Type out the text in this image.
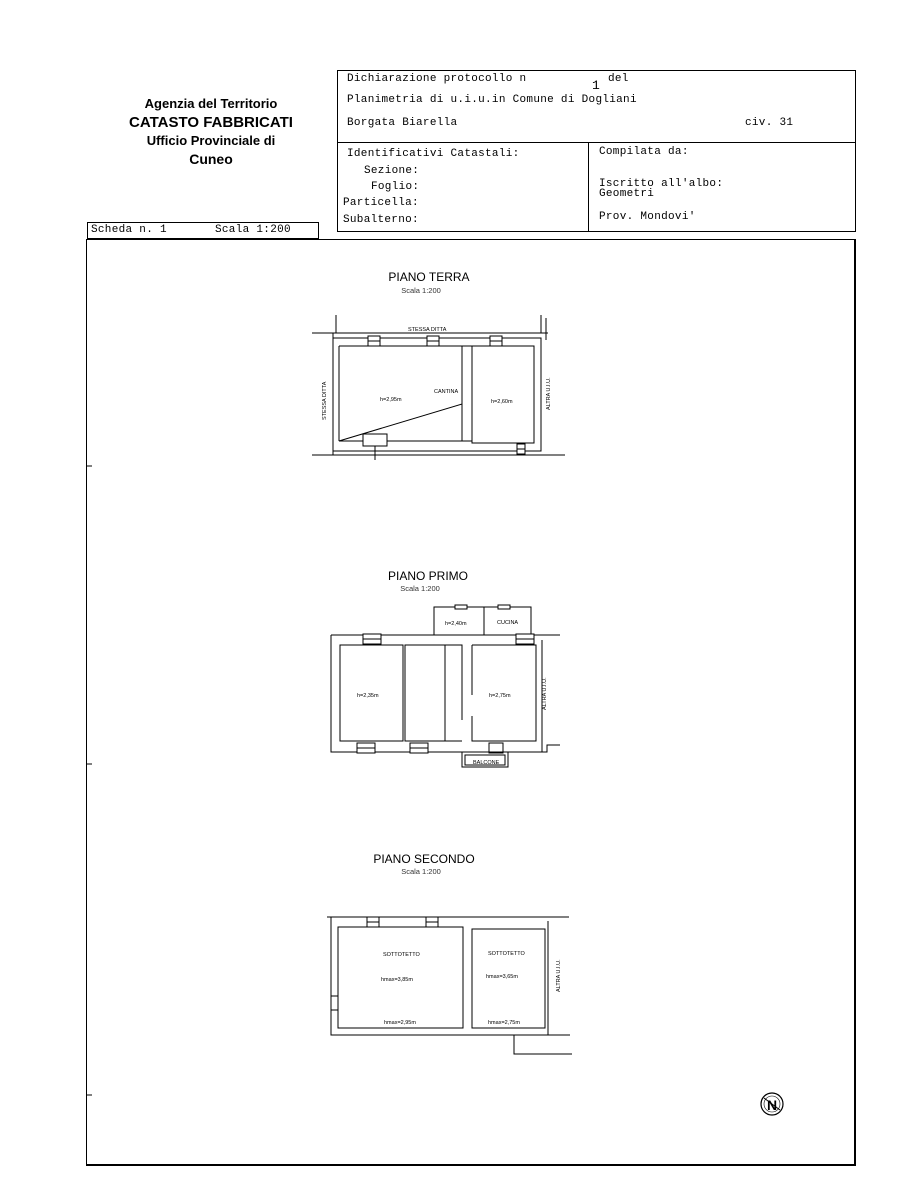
Agenzia del Territorio
CATASTO FABBRICATI
Ufficio Provinciale di
Cuneo
Dichiarazione protocollo n	1 del
Planimetria di u.i.u.in Comune di Dogliani
Borgata Biarella	civ. 31
Identificativi Catastali:
Sezione:
Foglio:
Particella:
Subalterno:
Compilata da:
Iscritto all'albo:
Geometri
Prov. Mondovi'
Scheda n. 1	Scala 1:200
PIANO TERRA
Scala 1:200
PIANO PRIMO
Scala 1:200
PIANO SECONDO
Scala 1:200
STESSA DITTA
STESSA DITTA	ALTRA U.I.U.
CANTINA
h=2,95m	h=2,60m
h=2,40m	CUCINA
h=2,35m	h=2,75m	ALTRA U.I.U.
BALCONE
SOTTOTETTO	SOTTOTETTO
hmax=3,85m	hmax=3,65m
hmax=2,95m	hmax=2,75m
ALTRA U.I.U.
N
